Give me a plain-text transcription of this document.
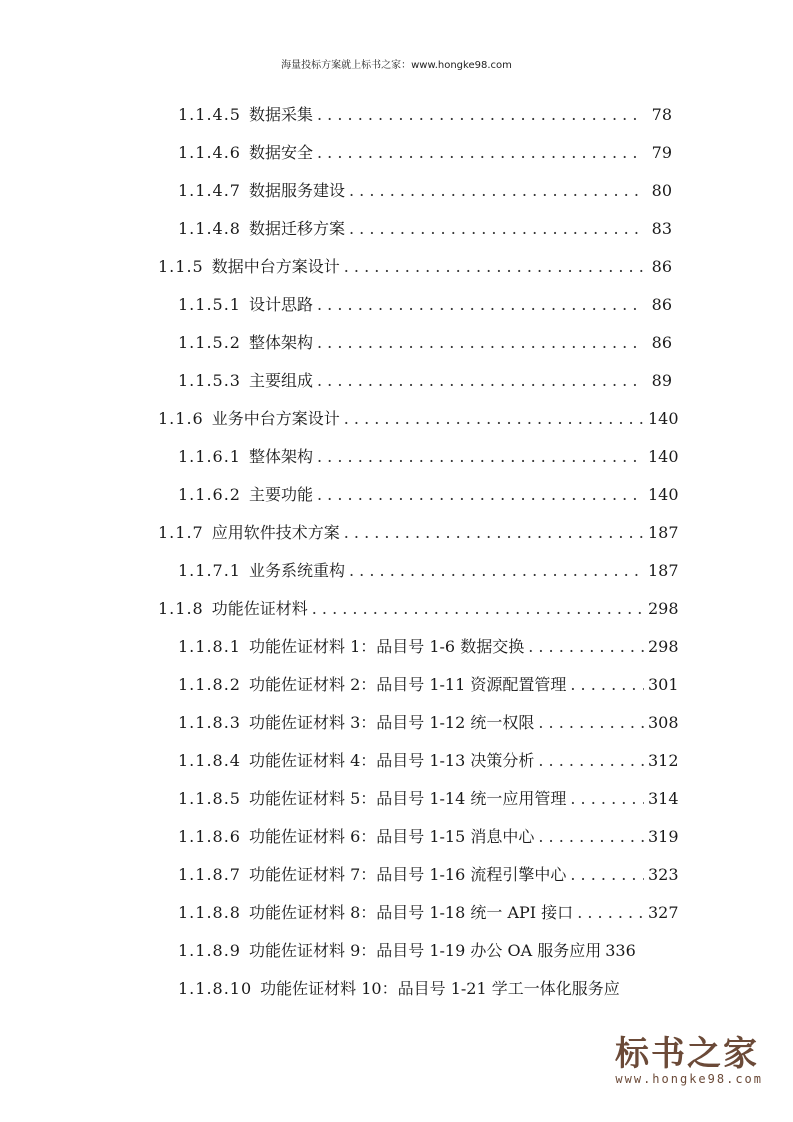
海量投标方案就上标书之家：www.hongke98.com
1.1.4.5 数据采集 . . .	78
1.1.4.6 数据安全 . . .	79
1.1.4.7 数据服务建设 . . .	80
1.1.4.8 数据迁移方案 . . .	83
1.1.5 数据中台方案设计 . . .	86
1.1.5.1 设计思路 . . .	86
1.1.5.2 整体架构 . . .	86
1.1.5.3 主要组成 . . .	89
1.1.6 业务中台方案设计 . . .	140
1.1.6.1 整体架构 . . .	140
1.1.6.2 主要功能 . . .	140
1.1.7 应用软件技术方案 . . .	187
1.1.7.1 业务系统重构 . . .	187
1.1.8 功能佐证材料 . . .	298
1.1.8.1 功能佐证材料 1：品目号 1-6 数据交换 . . .	298
1.1.8.2 功能佐证材料 2：品目号 1-11 资源配置管理 . . .	301
1.1.8.3 功能佐证材料 3：品目号 1-12 统一权限 . . .	308
1.1.8.4 功能佐证材料 4：品目号 1-13 决策分析 . . .	312
1.1.8.5 功能佐证材料 5：品目号 1-14 统一应用管理 . . .	314
1.1.8.6 功能佐证材料 6：品目号 1-15 消息中心 . . .	319
1.1.8.7 功能佐证材料 7：品目号 1-16 流程引擎中心 . . .	323
1.1.8.8 功能佐证材料 8：品目号 1-18 统一 API 接口 . . .	327
1.1.8.9 功能佐证材料 9：品目号 1-19 办公 OA 服务应用 336
1.1.8.10 功能佐证材料 10：品目号 1-21 学工一体化服务应
标书之家
www.hongke98.com
